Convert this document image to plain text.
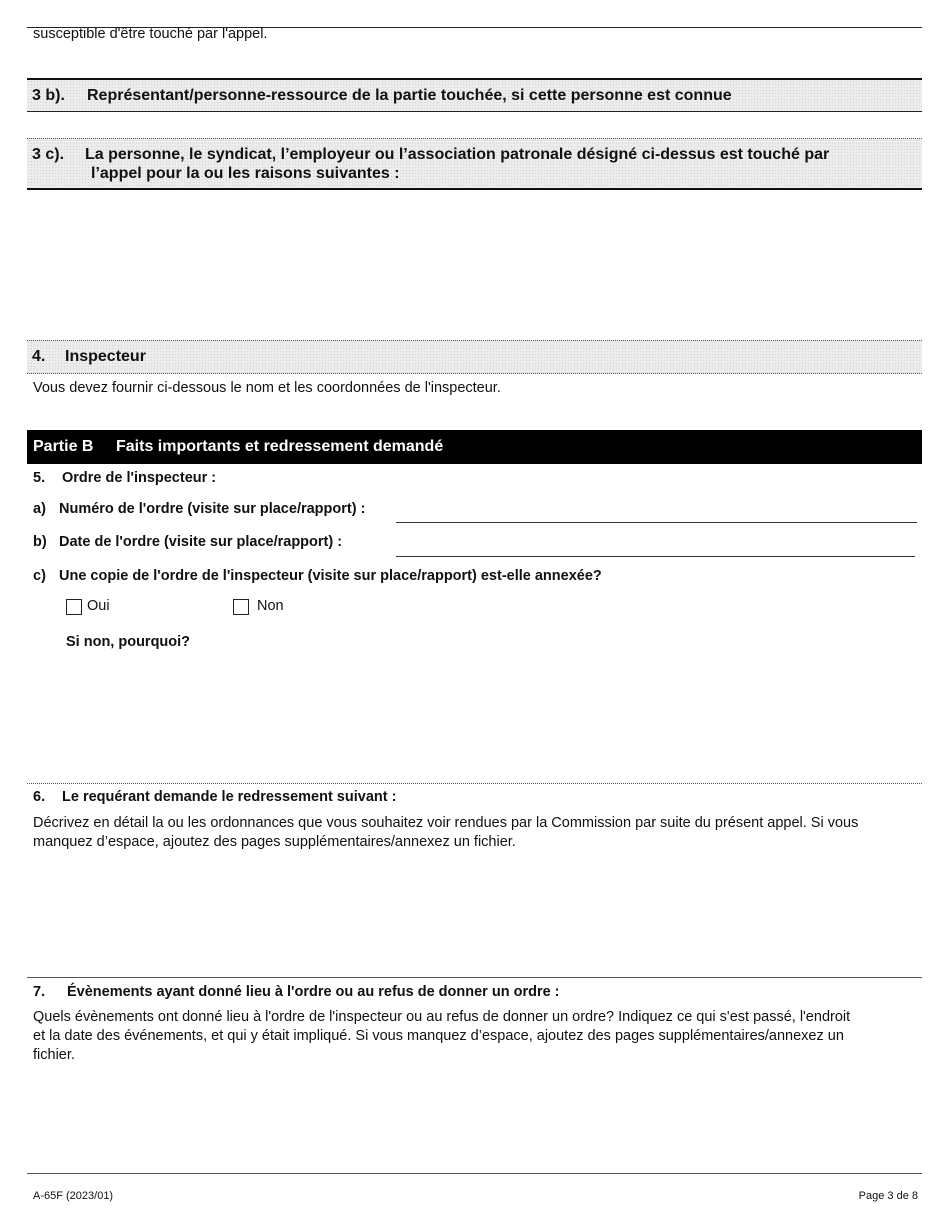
susceptible d'être touché par l'appel.
3 b). Représentant/personne-ressource de la partie touchée, si cette personne est connue
3 c). La personne, le syndicat, l’employeur ou l’association patronale désigné ci-dessus est touché par
l’appel pour la ou les raisons suivantes :
4. Inspecteur
Vous devez fournir ci-dessous le nom et les coordonnées de l'inspecteur.
Partie B Faits importants et redressement demandé
5. Ordre de l'inspecteur :
a) Numéro de l'ordre (visite sur place/rapport) :
b) Date de l'ordre (visite sur place/rapport) :
c) Une copie de l'ordre de l'inspecteur (visite sur place/rapport) est-elle annexée?
Oui	Non
Si non, pourquoi?
6. Le requérant demande le redressement suivant :
Décrivez en détail la ou les ordonnances que vous souhaitez voir rendues par la Commission par suite du présent appel. Si vous
manquez d’espace, ajoutez des pages supplémentaires/annexez un fichier.
7. Évènements ayant donné lieu à l'ordre ou au refus de donner un ordre :
Quels évènements ont donné lieu à l'ordre de l'inspecteur ou au refus de donner un ordre? Indiquez ce qui s'est passé, l'endroit
et la date des événements, et qui y était impliqué. Si vous manquez d’espace, ajoutez des pages supplémentaires/annexez un
fichier.
A-65F (2023/01)	Page 3 de 8
